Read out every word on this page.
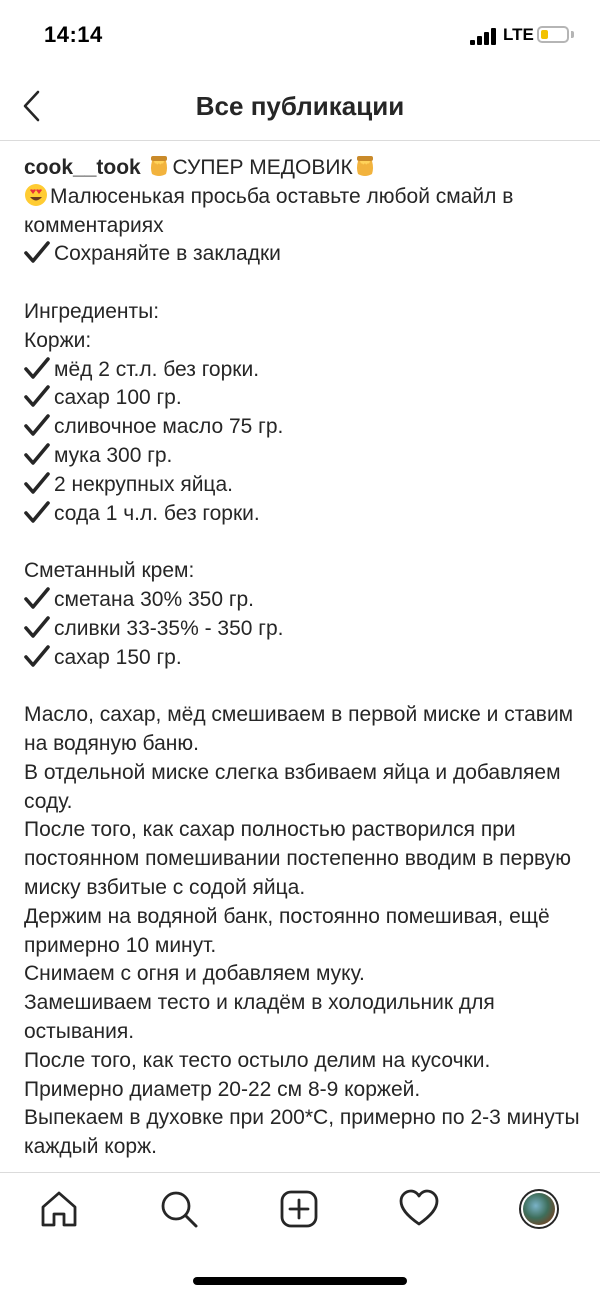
14:14	LTE
Все публикации

cook__took СУПЕР МЕДОВИК

Малюсенькая просьба оставьте любой смайл в комментариях

Сохраняйте в закладки

Ингредиенты:

Коржи:

мёд 2 ст.л. без горки.

сахар 100 гр.

сливочное масло 75 гр.

мука 300 гр.

2 некрупных яйца.

сода 1 ч.л. без горки.

Сметанный крем:

сметана 30% 350 гр.

сливки 33-35% - 350 гр.

сахар 150 гр.

Масло, сахар, мёд смешиваем в первой миске и ставим на водяную баню.

В отдельной миске слегка взбиваем яйца и добавляем соду.

После того, как сахар полностью растворился при постоянном помешивании постепенно вводим в первую миску взбитые с содой яйца.

Держим на водяной банк, постоянно помешивая, ещё примерно 10 минут.

Снимаем с огня и добавляем муку.

Замешиваем тесто и кладём в холодильник для остывания.

После того, как тесто остыло делим на кусочки. Примерно диаметр 20-22 см 8-9 коржей.

Выпекаем в духовке при 200*С, примерно по 2-3 минуты каждый корж.
